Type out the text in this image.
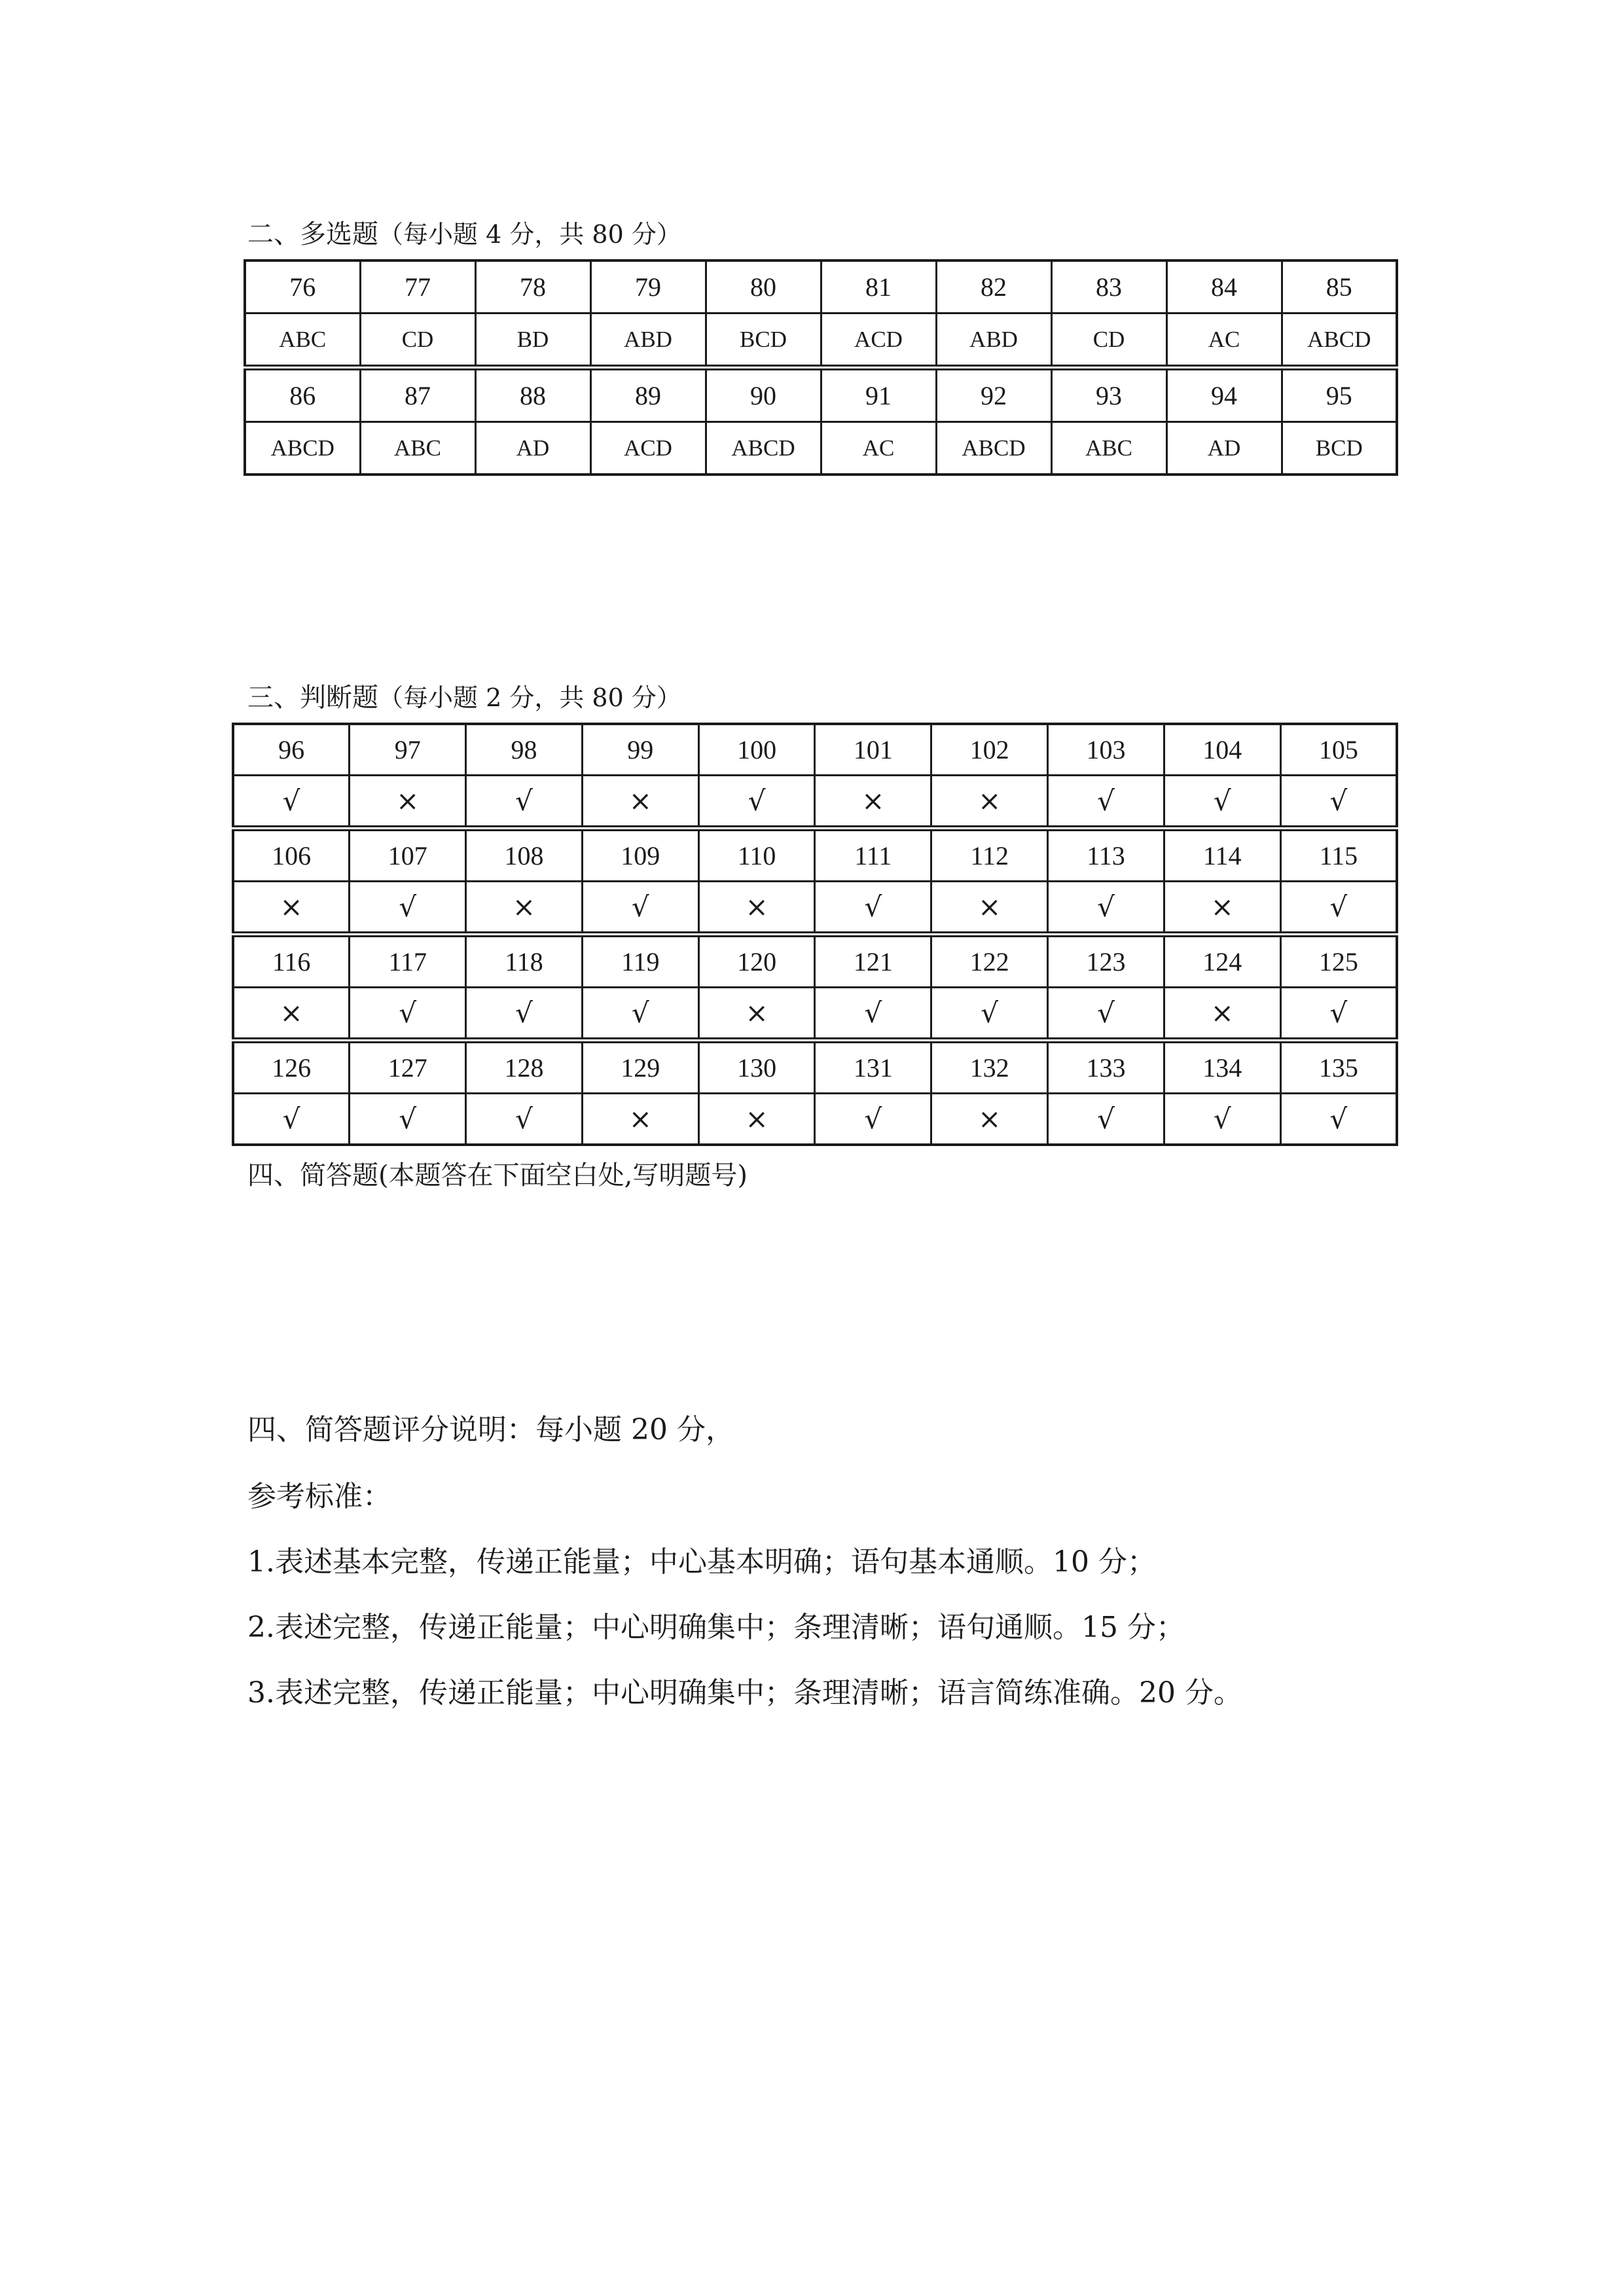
二、多选题（每小题 4 分，共 80 分）
76	77	78	79	80	81	82	83	84	85
ABC	CD	BD	ABD	BCD	ACD	ABD	CD	AC	ABCD
86	87	88	89	90	91	92	93	94	95
ABCD	ABC	AD	ACD	ABCD	AC	ABCD	ABC	AD	BCD
三、判断题（每小题 2 分，共 80 分）
96	97	98	99	100	101	102	103	104	105
√	×	√	×	√	×	×	√	√	√
106	107	108	109	110	111	112	113	114	115
×	√	×	√	×	√	×	√	×	√
116	117	118	119	120	121	122	123	124	125
×	√	√	√	×	√	√	√	×	√
126	127	128	129	130	131	132	133	134	135
√	√	√	×	×	√	×	√	√	√
四、简答题(本题答在下面空白处,写明题号)
四、简答题评分说明：每小题 20 分，
参考标准：
1.表述基本完整，传递正能量；中心基本明确；语句基本通顺。10 分；
2.表述完整，传递正能量；中心明确集中；条理清晰；语句通顺。15 分；
3.表述完整，传递正能量；中心明确集中；条理清晰；语言简练准确。20 分。
